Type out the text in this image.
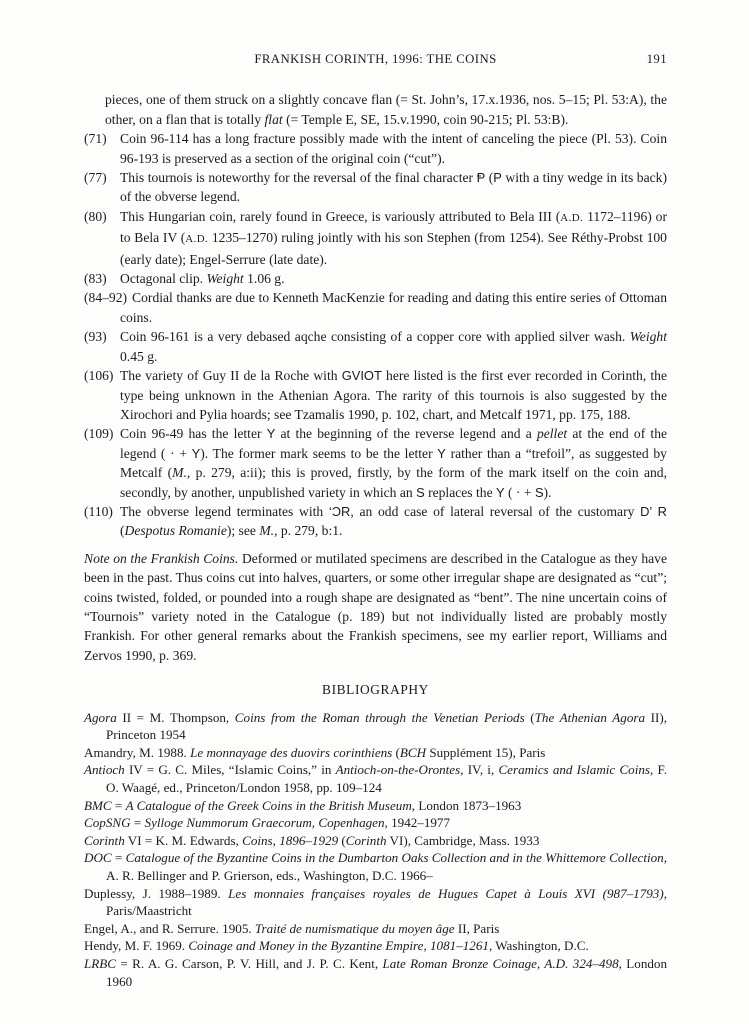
FRANKISH CORINTH, 1996: THE COINS	191

pieces, one of them struck on a slightly concave flan (= St. John’s, 17.x.1936, nos. 5–15; Pl. 53:A), the other, on a flan that is totally flat (= Temple E, SE, 15.v.1990, coin 90-215; Pl. 53:B).

(71) Coin 96-114 has a long fracture possibly made with the intent of canceling the piece (Pl. 53). Coin 96-193 is preserved as a section of the original coin (“cut”).

(77) This tournois is noteworthy for the reversal of the final character Ᵽ (P with a tiny wedge in its back) of the obverse legend.

(80) This Hungarian coin, rarely found in Greece, is variously attributed to Bela III (A.D. 1172–1196) or to Bela IV (A.D. 1235–1270) ruling jointly with his son Stephen (from 1254). See Réthy-Probst 100 (early date); Engel-Serrure (late date).

(83) Octagonal clip. Weight 1.06 g.

(84–92) Cordial thanks are due to Kenneth MacKenzie for reading and dating this entire series of Ottoman coins.

(93) Coin 96-161 is a very debased aqche consisting of a copper core with applied silver wash. Weight 0.45 g.

(106) The variety of Guy II de la Roche with GVIOT here listed is the first ever recorded in Corinth, the type being unknown in the Athenian Agora. The rarity of this tournois is also suggested by the Xirochori and Pylia hoards; see Tzamalis 1990, p. 102, chart, and Metcalf 1971, pp. 175, 188.

(109) Coin 96-49 has the letter Y at the beginning of the reverse legend and a pellet at the end of the legend ( · + Y). The former mark seems to be the letter Y rather than a “trefoil”, as suggested by Metcalf (M., p. 279, a:ii); this is proved, firstly, by the form of the mark itself on the coin and, secondly, by another, unpublished variety in which an S replaces the Y ( · + S).

(110) The obverse legend terminates with ‘ƆR, an odd case of lateral reversal of the customary D’ R (Despotus Romanie); see M., p. 279, b:1.

Note on the Frankish Coins. Deformed or mutilated specimens are described in the Catalogue as they have been in the past. Thus coins cut into halves, quarters, or some other irregular shape are designated as “cut”; coins twisted, folded, or pounded into a rough shape are designated as “bent”. The nine uncertain coins of “Tournois” variety noted in the Catalogue (p. 189) but not individually listed are probably mostly Frankish. For other general remarks about the Frankish specimens, see my earlier report, Williams and Zervos 1990, p. 369.

BIBLIOGRAPHY

Agora II = M. Thompson, Coins from the Roman through the Venetian Periods (The Athenian Agora II), Princeton 1954

Amandry, M. 1988. Le monnayage des duovirs corinthiens (BCH Supplément 15), Paris

Antioch IV = G. C. Miles, “Islamic Coins,” in Antioch-on-the-Orontes, IV, i, Ceramics and Islamic Coins, F. O. Waagé, ed., Princeton/London 1958, pp. 109–124

BMC = A Catalogue of the Greek Coins in the British Museum, London 1873–1963

CopSNG = Sylloge Nummorum Graecorum, Copenhagen, 1942–1977

Corinth VI = K. M. Edwards, Coins, 1896–1929 (Corinth VI), Cambridge, Mass. 1933

DOC = Catalogue of the Byzantine Coins in the Dumbarton Oaks Collection and in the Whittemore Collection, A. R. Bellinger and P. Grierson, eds., Washington, D.C. 1966–

Duplessy, J. 1988–1989. Les monnaies françaises royales de Hugues Capet à Louis XVI (987–1793), Paris/Maastricht

Engel, A., and R. Serrure. 1905. Traité de numismatique du moyen âge II, Paris

Hendy, M. F. 1969. Coinage and Money in the Byzantine Empire, 1081–1261, Washington, D.C.

LRBC = R. A. G. Carson, P. V. Hill, and J. P. C. Kent, Late Roman Bronze Coinage, A.D. 324–498, London 1960
